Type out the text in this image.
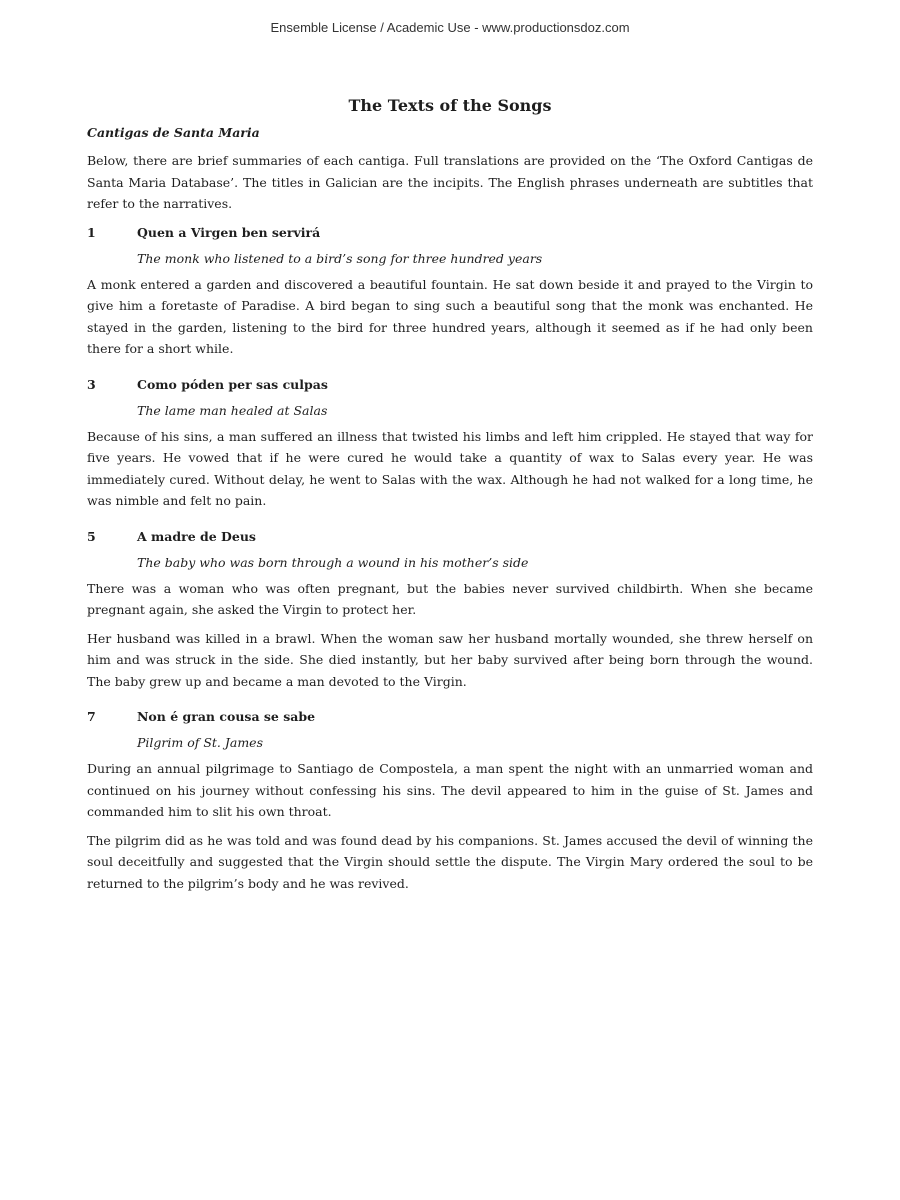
Ensemble License / Academic Use - www.productionsdoz.com
The Texts of the Songs
Cantigas de Santa Maria

Below, there are brief summaries of each cantiga. Full translations are provided on the ‘The Oxford Cantigas de Santa Maria Database’. The titles in Galician are the incipits. The English phrases underneath are subtitles that refer to the narratives.

1	Quen a Virgen ben servirá
The monk who listened to a bird’s song for three hundred years

A monk entered a garden and discovered a beautiful fountain. He sat down beside it and prayed to the Virgin to give him a foretaste of Paradise. A bird began to sing such a beautiful song that the monk was enchanted. He stayed in the garden, listening to the bird for three hundred years, although it seemed as if he had only been there for a short while.

3	Como póden per sas culpas
The lame man healed at Salas

Because of his sins, a man suffered an illness that twisted his limbs and left him crippled. He stayed that way for five years. He vowed that if he were cured he would take a quantity of wax to Salas every year. He was immediately cured. Without delay, he went to Salas with the wax. Although he had not walked for a long time, he was nimble and felt no pain.

5	A madre de Deus
The baby who was born through a wound in his mother’s side

There was a woman who was often pregnant, but the babies never survived childbirth. When she became pregnant again, she asked the Virgin to protect her.

Her husband was killed in a brawl. When the woman saw her husband mortally wounded, she threw herself on him and was struck in the side. She died instantly, but her baby survived after being born through the wound. The baby grew up and became a man devoted to the Virgin.

7	Non é gran cousa se sabe
Pilgrim of St. James

During an annual pilgrimage to Santiago de Compostela, a man spent the night with an unmarried woman and continued on his journey without confessing his sins. The devil appeared to him in the guise of St. James and commanded him to slit his own throat.

The pilgrim did as he was told and was found dead by his companions. St. James accused the devil of winning the soul deceitfully and suggested that the Virgin should settle the dispute. The Virgin Mary ordered the soul to be returned to the pilgrim’s body and he was revived.
